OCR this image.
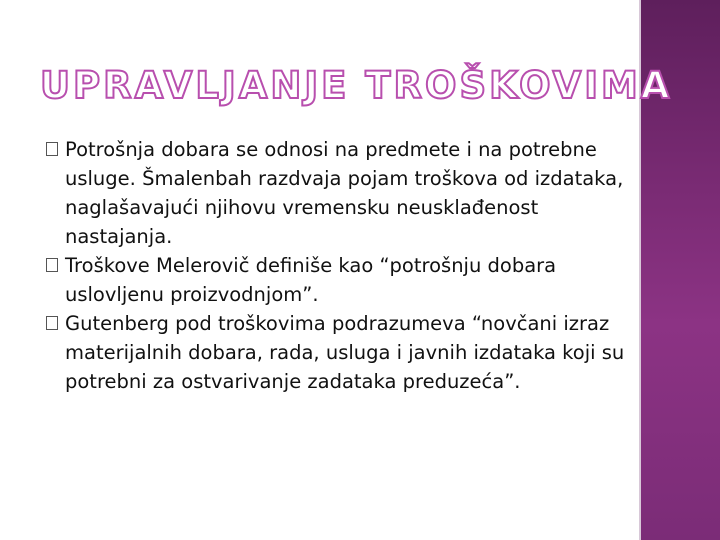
UPRAVLJANJE TROŠKOVIMA

Potrošnja dobara se odnosi na predmete i na potrebne usluge. Šmalenbah razdvaja pojam troškova od izdataka, naglašavajući njihovu vremensku neusklađenost nastajanja.

Troškove Melerovič definiše kao “potrošnju dobara uslovljenu proizvodnjom”.

Gutenberg pod troškovima podrazumeva “novčani izraz materijalnih dobara, rada, usluga i javnih izdataka koji su potrebni za ostvarivanje zadataka preduzeća”.
